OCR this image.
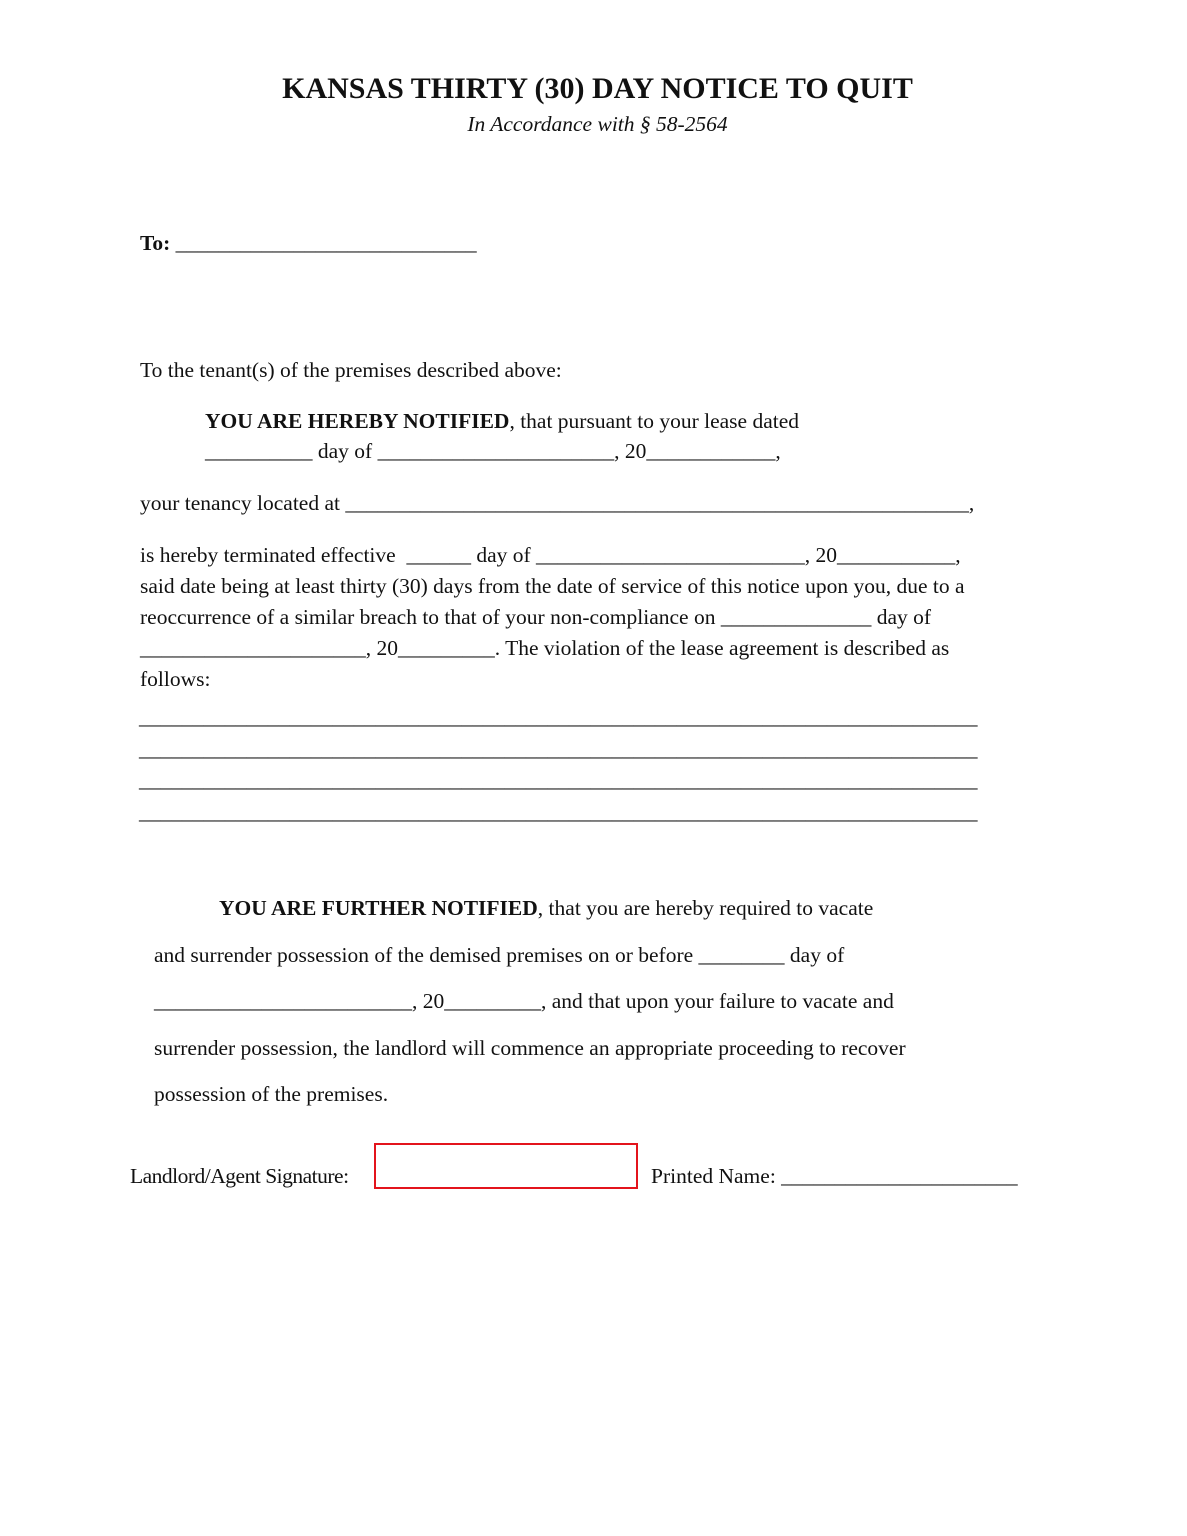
KANSAS THIRTY (30) DAY NOTICE TO QUIT
In Accordance with § 58-2564
To: ____________________________
To the tenant(s) of the premises described above:
YOU ARE HEREBY NOTIFIED, that pursuant to your lease dated
__________ day of ______________________, 20____________,
your tenancy located at __________________________________________________________,
is hereby terminated effective  ______ day of _________________________, 20___________,
said date being at least thirty (30) days from the date of service of this notice upon you, due to a
reoccurrence of a similar breach to that of your non-compliance on ______________ day of
_____________________, 20_________. The violation of the lease agreement is described as
follows:
______________________________________________________________________________
______________________________________________________________________________
______________________________________________________________________________
______________________________________________________________________________
YOU ARE FURTHER NOTIFIED, that you are hereby required to vacate
and surrender possession of the demised premises on or before ________ day of
________________________, 20_________, and that upon your failure to vacate and
surrender possession, the landlord will commence an appropriate proceeding to recover
possession of the premises.
Landlord/Agent Signature:	Printed Name: ______________________
